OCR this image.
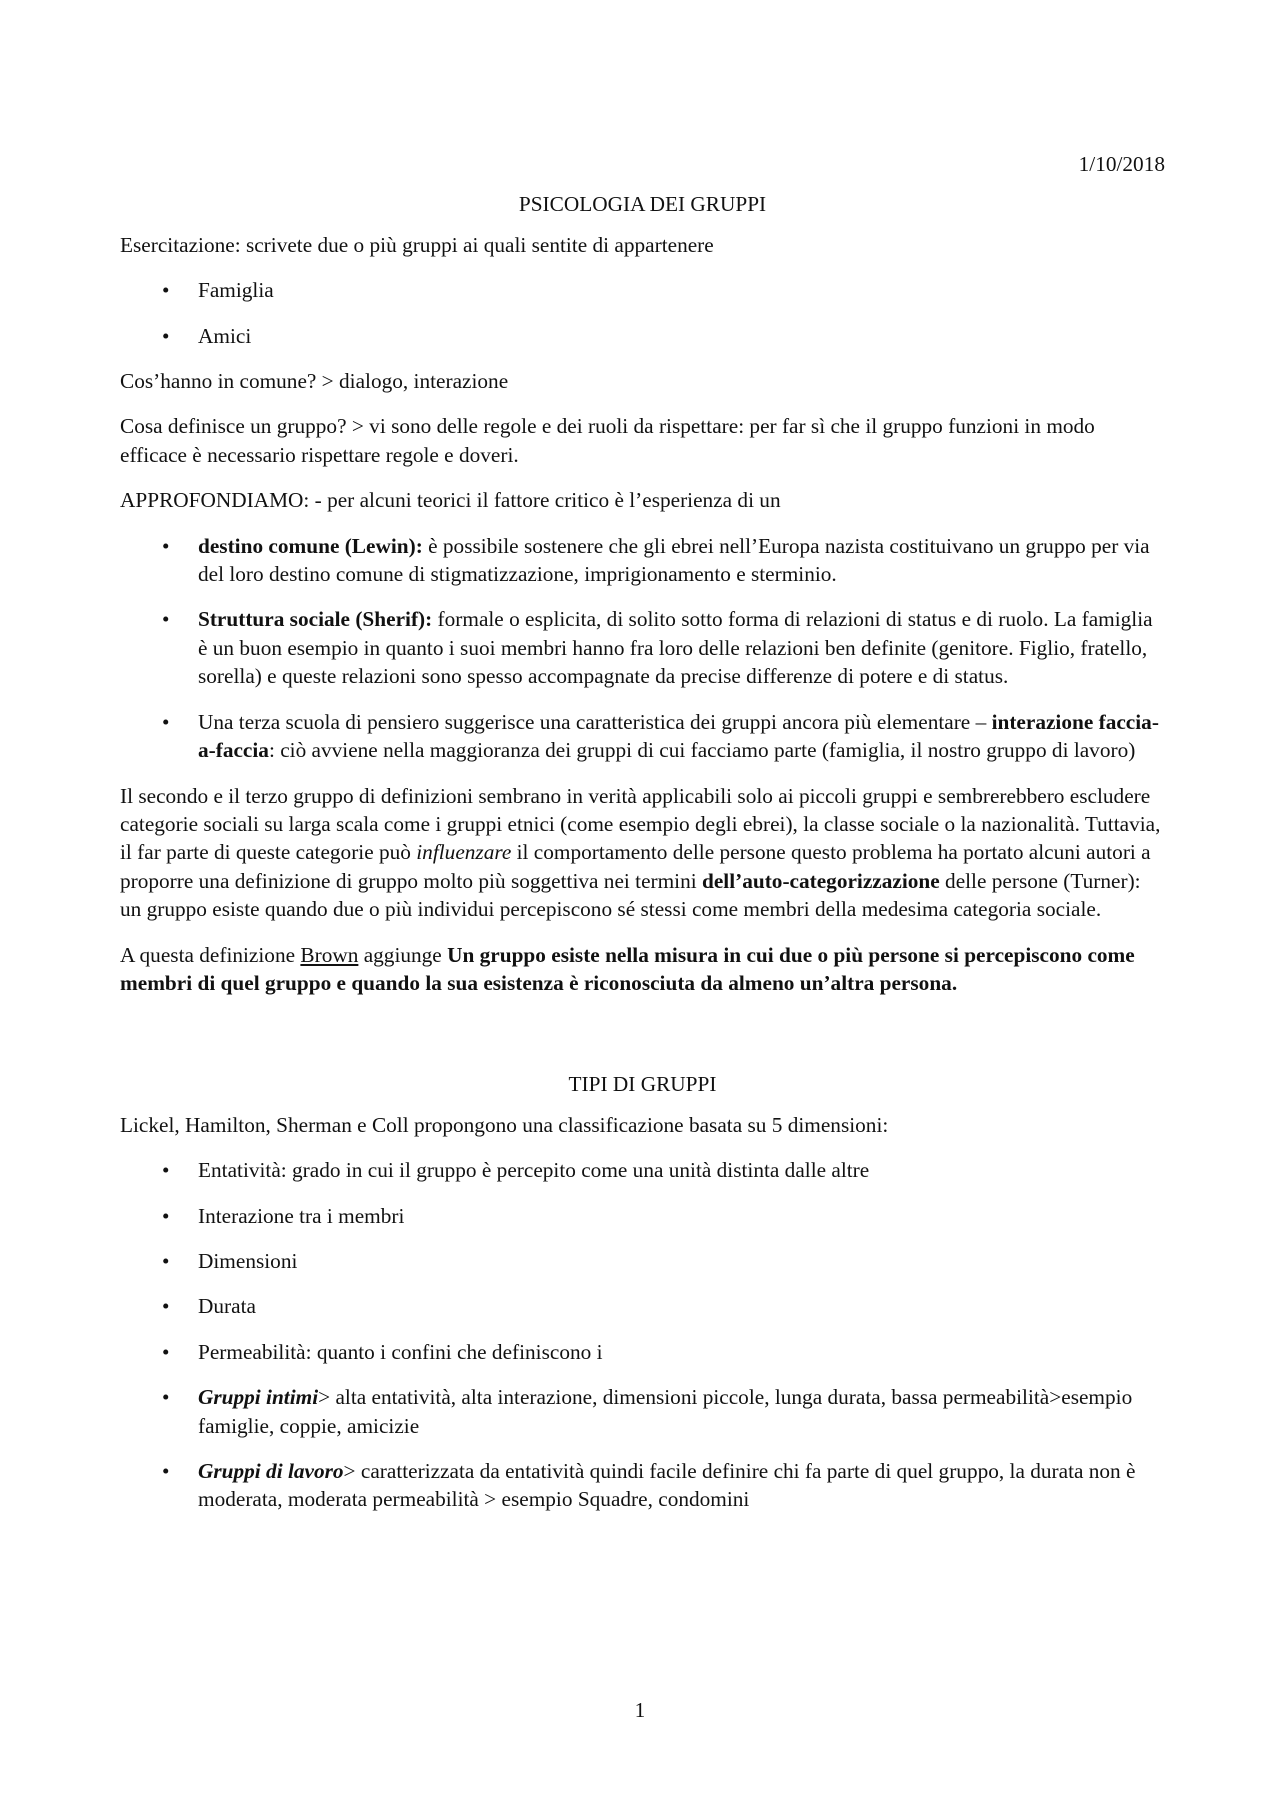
1/10/2018
PSICOLOGIA DEI GRUPPI

Esercitazione: scrivete due o più gruppi ai quali sentite di appartenere

• Famiglia
• Amici

Cos’hanno in comune? > dialogo, interazione

Cosa definisce un gruppo? > vi sono delle regole e dei ruoli da rispettare: per far sì che il gruppo funzioni in modo efficace è necessario rispettare regole e doveri.

APPROFONDIAMO: - per alcuni teorici il fattore critico è l’esperienza di un

• destino comune (Lewin): è possibile sostenere che gli ebrei nell’Europa nazista costituivano un gruppo per via del loro destino comune di stigmatizzazione, imprigionamento e sterminio.
• Struttura sociale (Sherif): formale o esplicita, di solito sotto forma di relazioni di status e di ruolo. La famiglia è un buon esempio in quanto i suoi membri hanno fra loro delle relazioni ben definite (genitore. Figlio, fratello, sorella) e queste relazioni sono spesso accompagnate da precise differenze di potere e di status.
• Una terza scuola di pensiero suggerisce una caratteristica dei gruppi ancora più elementare – interazione faccia-a-faccia: ciò avviene nella maggioranza dei gruppi di cui facciamo parte (famiglia, il nostro gruppo di lavoro)

Il secondo e il terzo gruppo di definizioni sembrano in verità applicabili solo ai piccoli gruppi e sembrerebbero escludere categorie sociali su larga scala come i gruppi etnici (come esempio degli ebrei), la classe sociale o la nazionalità. Tuttavia, il far parte di queste categorie può influenzare il comportamento delle persone questo problema ha portato alcuni autori a proporre una definizione di gruppo molto più soggettiva nei termini dell’auto-categorizzazione delle persone (Turner): un gruppo esiste quando due o più individui percepiscono sé stessi come membri della medesima categoria sociale.

A questa definizione Brown aggiunge Un gruppo esiste nella misura in cui due o più persone si percepiscono come membri di quel gruppo e quando la sua esistenza è riconosciuta da almeno un’altra persona.

TIPI DI GRUPPI

Lickel, Hamilton, Sherman e Coll propongono una classificazione basata su 5 dimensioni:

• Entatività: grado in cui il gruppo è percepito come una unità distinta dalle altre
• Interazione tra i membri
• Dimensioni
• Durata
• Permeabilità: quanto i confini che definiscono i
• Gruppi intimi> alta entatività, alta interazione, dimensioni piccole, lunga durata, bassa permeabilità>esempio famiglie, coppie, amicizie
• Gruppi di lavoro> caratterizzata da entatività quindi facile definire chi fa parte di quel gruppo, la durata non è moderata, moderata permeabilità > esempio Squadre, condomini
1
